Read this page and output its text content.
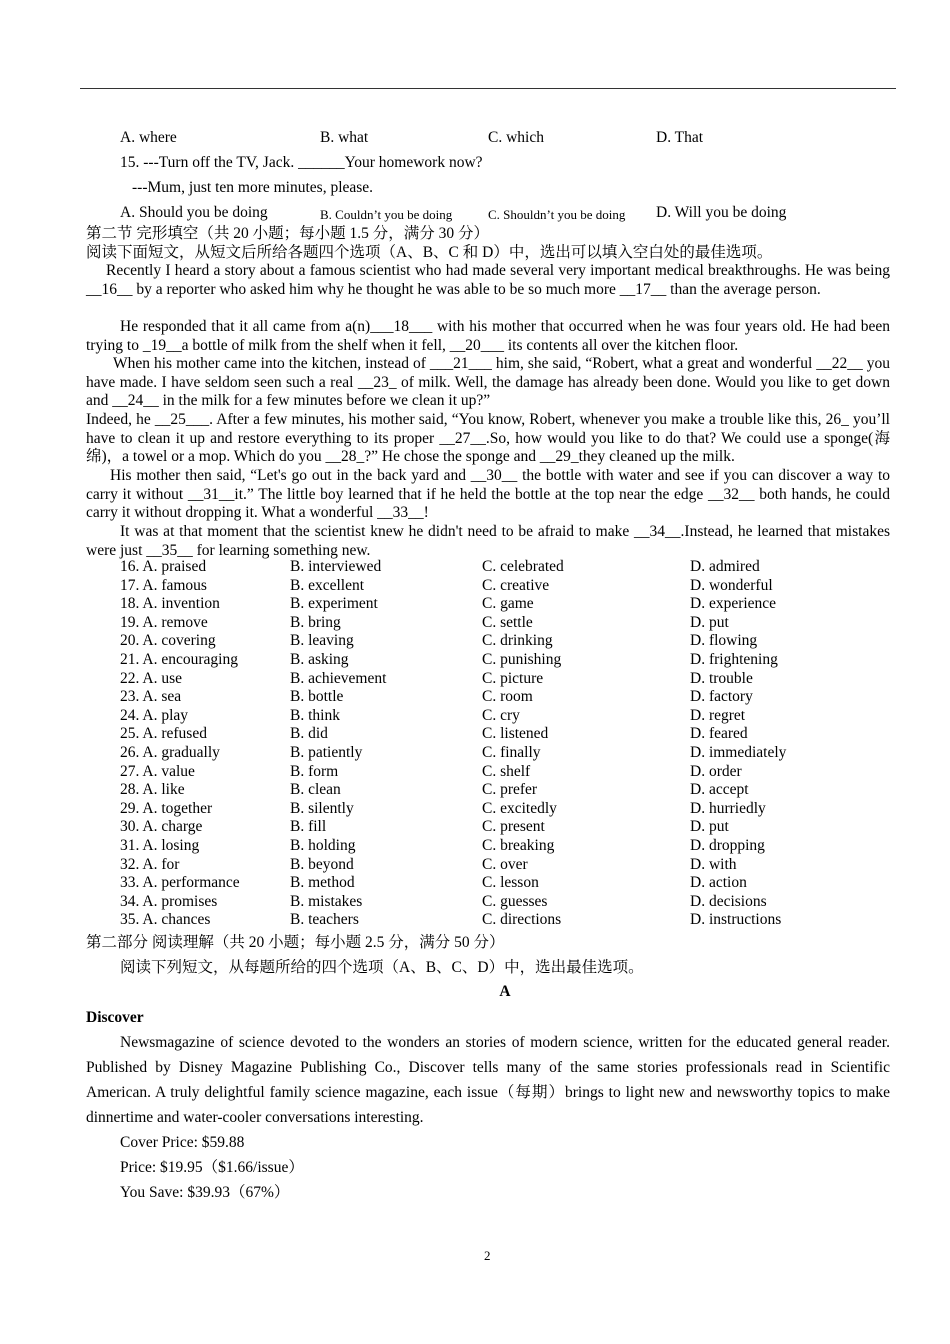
A. where	B. what	C. which	D. That
15. ---Turn off the TV, Jack. ______Your homework now?
---Mum, just ten more minutes, please.
A. Should you be doing	B. Couldn’t you be doing	C. Shouldn’t you be doing D. Will you be doing
第二节 完形填空（共 20 小题；每小题 1.5 分，满分 30 分）
阅读下面短文，从短文后所给各题四个选项（A、B、C 和 D）中，选出可以填入空白处的最佳选项。
Recently I heard a story about a famous scientist who had made several very important medical breakthroughs. He was being __16__ by a reporter who asked him why he thought he was able to be so much more __17__ than the average person.
He responded that it all came from a(n)___18___ with his mother that occurred when he was four years old. He had been trying to _19__a bottle of milk from the shelf when it fell, __20___ its contents all over the kitchen floor.
When his mother came into the kitchen, instead of ___21___ him, she said, “Robert, what a great and wonderful __22__ you have made. I have seldom seen such a real __23_ of milk. Well, the damage has already been done. Would you like to get down and __24__ in the milk for a few minutes before we clean it up?”
Indeed, he __25___. After a few minutes, his mother said, “You know, Robert, whenever you make a trouble like this, 26_ you’ll have to clean it up and restore everything to its proper __27__.So, how would you like to do that? We could use a sponge(海绵)，a towel or a mop. Which do you __28_?” He chose the sponge and __29_they cleaned up the milk.
His mother then said, “Let's go out in the back yard and __30__ the bottle with water and see if you can discover a way to carry it without __31__it.” The little boy learned that if he held the bottle at the top near the edge __32__ both hands, he could carry it without dropping it. What a wonderful __33__!
It was at that moment that the scientist knew he didn't need to be afraid to make __34__.Instead, he learned that mistakes were just __35__ for learning something new.
16. A. praised	B. interviewed	C. celebrated	D. admired
17. A. famous	B. excellent	C. creative	D. wonderful
18. A. invention	B. experiment	C. game	D. experience
19. A. remove	B. bring	C. settle	D. put
20. A. covering	B. leaving	C. drinking	D. flowing
21. A. encouraging	B. asking	C. punishing	D. frightening
22. A. use	B. achievement	C. picture	D. trouble
23. A. sea	B. bottle	C. room	D. factory
24. A. play	B. think	C. cry	D. regret
25. A. refused	B. did	C. listened	D. feared
26. A. gradually	B. patiently	C. finally	D. immediately
27. A. value	B. form	C. shelf	D. order
28. A. like	B. clean	C. prefer	D. accept
29. A. together	B. silently	C. excitedly	D. hurriedly
30. A. charge	B. fill	C. present	D. put
31. A. losing	B. holding	C. breaking	D. dropping
32. A. for	B. beyond	C. over	D. with
33. A. performance	B. method	C. lesson	D. action
34. A. promises	B. mistakes	C. guesses	D. decisions
35. A. chances	B. teachers	C. directions	D. instructions
第二部分 阅读理解（共 20 小题；每小题 2.5 分，满分 50 分）
阅读下列短文，从每题所给的四个选项（A、B、C、D）中，选出最佳选项。
A
Discover
Newsmagazine of science devoted to the wonders an stories of modern science, written for the educated general reader. Published by Disney Magazine Publishing Co., Discover tells many of the same stories professionals read in Scientific American. A truly delightful family science magazine, each issue（每期）brings to light new and newsworthy topics to make dinnertime and water-cooler conversations interesting.
Cover Price: $59.88
Price: $19.95（$1.66/issue）
You Save: $39.93（67%）
2
